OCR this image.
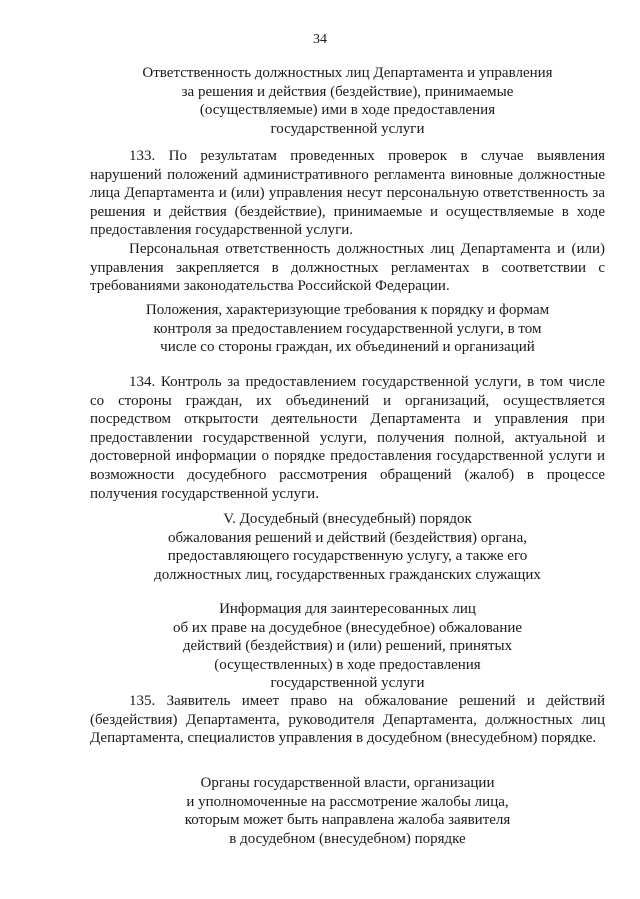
34
Ответственность должностных лиц Департамента и управления
за решения и действия (бездействие), принимаемые
(осуществляемые) ими в ходе предоставления
государственной услуги

133. По результатам проведенных проверок в случае выявления нарушений положений административного регламента виновные должностные лица Департамента и (или) управления несут персональную ответственность за решения и действия (бездействие), принимаемые и осуществляемые в ходе предоставления государственной услуги.

Персональная ответственность должностных лиц Департамента и (или) управления закрепляется в должностных регламентах в соответствии с требованиями законодательства Российской Федерации.

Положения, характеризующие требования к порядку и формам
контроля за предоставлением государственной услуги, в том
числе со стороны граждан, их объединений и организаций

134. Контроль за предоставлением государственной услуги, в том числе со стороны граждан, их объединений и организаций, осуществляется посредством открытости деятельности Департамента и управления при предоставлении государственной услуги, получения полной, актуальной и достоверной информации о порядке предоставления государственной услуги и возможности досудебного рассмотрения обращений (жалоб) в процессе получения государственной услуги.

V. Досудебный (внесудебный) порядок
обжалования решений и действий (бездействия) органа,
предоставляющего государственную услугу, а также его
должностных лиц, государственных гражданских служащих
Информация для заинтересованных лиц
об их праве на досудебное (внесудебное) обжалование
действий (бездействия) и (или) решений, принятых
(осуществленных) в ходе предоставления
государственной услуги

135. Заявитель имеет право на обжалование решений и действий (бездействия) Департамента, руководителя Департамента, должностных лиц Департамента, специалистов управления в досудебном (внесудебном) порядке.

Органы государственной власти, организации
и уполномоченные на рассмотрение жалобы лица,
которым может быть направлена жалоба заявителя
в досудебном (внесудебном) порядке
